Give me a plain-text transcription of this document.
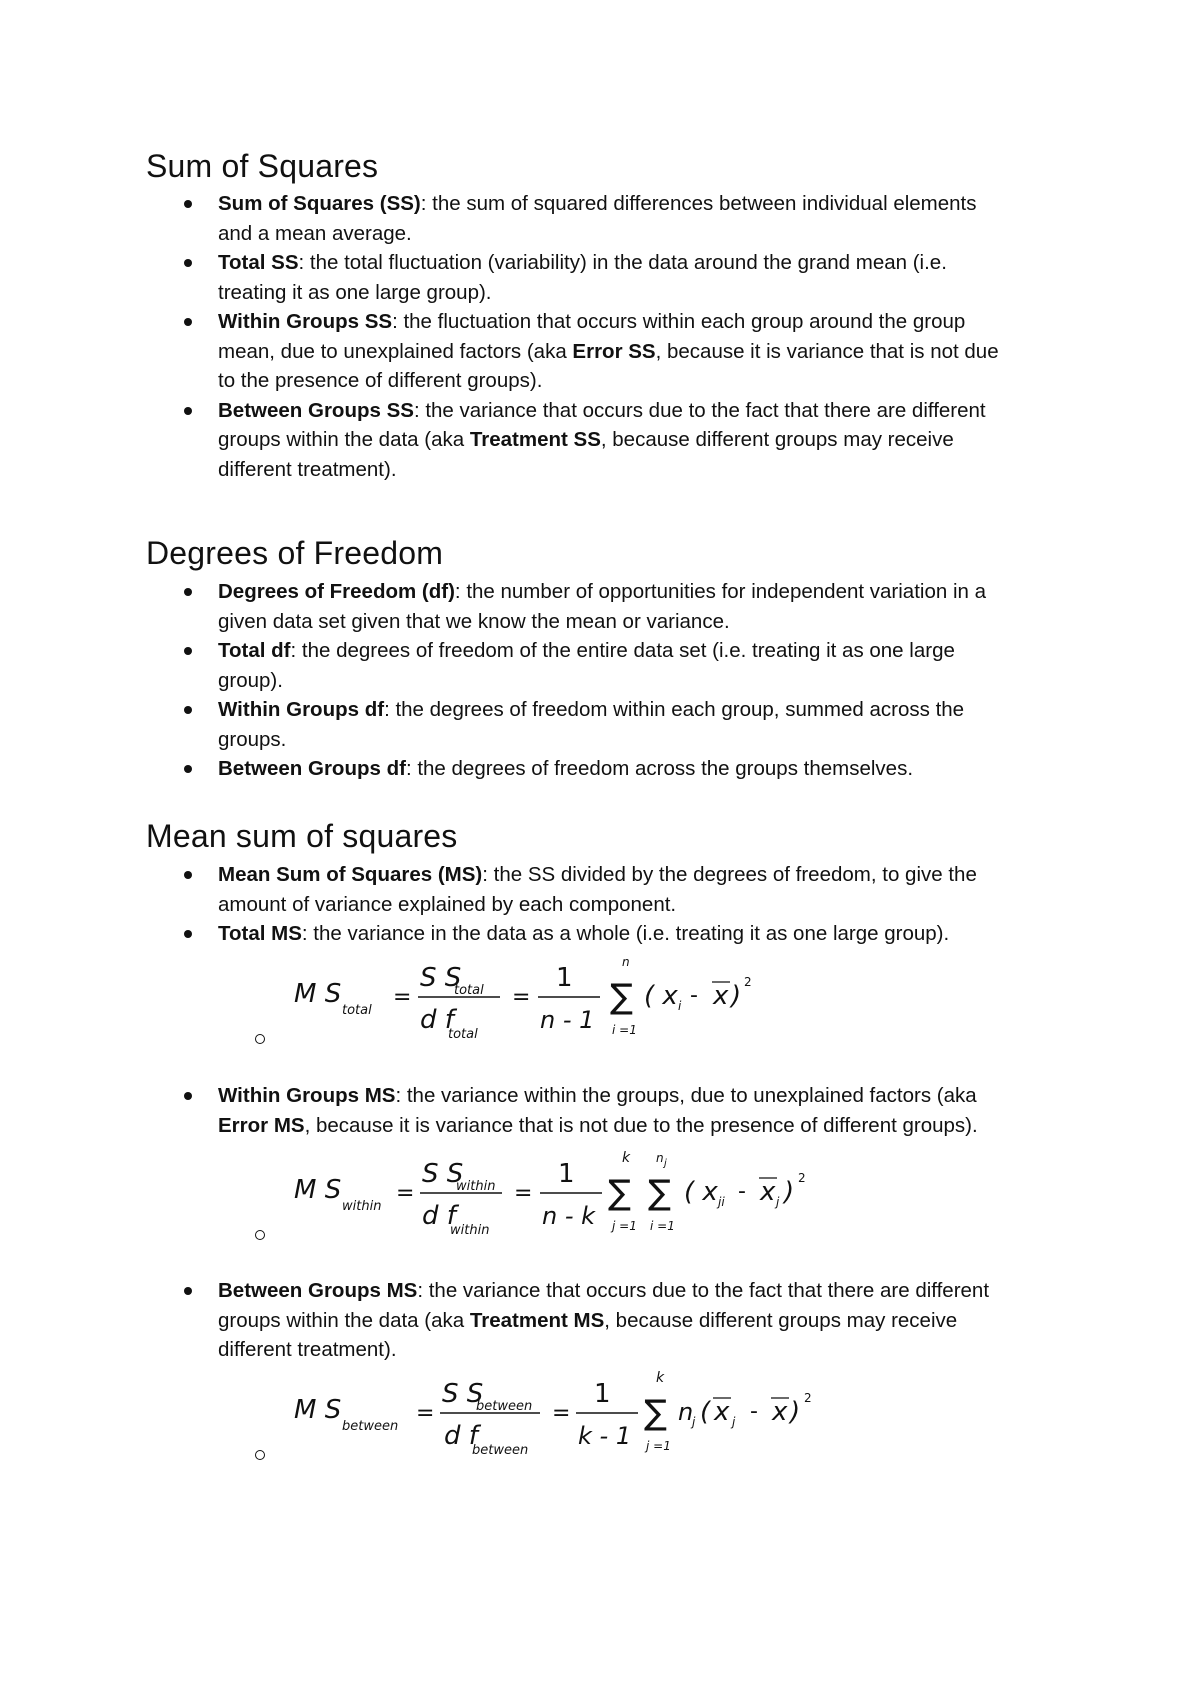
Sum of Squares
Sum of Squares (SS): the sum of squared differences between individual elements
and a mean average.
Total SS: the total fluctuation (variability) in the data around the grand mean (i.e.
treating it as one large group).
Within Groups SS: the fluctuation that occurs within each group around the group
mean, due to unexplained factors (aka Error SS, because it is variance that is not due
to the presence of different groups).
Between Groups SS: the variance that occurs due to the fact that there are different
groups within the data (aka Treatment SS, because different groups may receive
different treatment).
Degrees of Freedom
Degrees of Freedom (df): the number of opportunities for independent variation in a
given data set given that we know the mean or variance.
Total df: the degrees of freedom of the entire data set (i.e. treating it as one large
group).
Within Groups df: the degrees of freedom within each group, summed across the
groups.
Between Groups df: the degrees of freedom across the groups themselves.
Mean sum of squares
Mean Sum of Squares (MS): the SS divided by the degrees of freedom, to give the
amount of variance explained by each component.
Total MS: the variance in the data as a whole (i.e. treating it as one large group).
M S
total
=
S S
total
d f
total
=
1
n - 1
n
∑
i =1
( x i - x ) 2
Within Groups MS: the variance within the groups, due to unexplained factors (aka
Error MS, because it is variance that is not due to the presence of different groups).
M S
within
=
S S
within
d f
within
=
1
n - k
k
∑
j =1
n j
∑
i =1
( x ji - x j ) 2
Between Groups MS: the variance that occurs due to the fact that there are different
groups within the data (aka Treatment MS, because different groups may receive
different treatment).
M S
between
=
S S
between
d f
between
=
1
k - 1
k
∑
j =1
n
j ( x j - x ) 2
